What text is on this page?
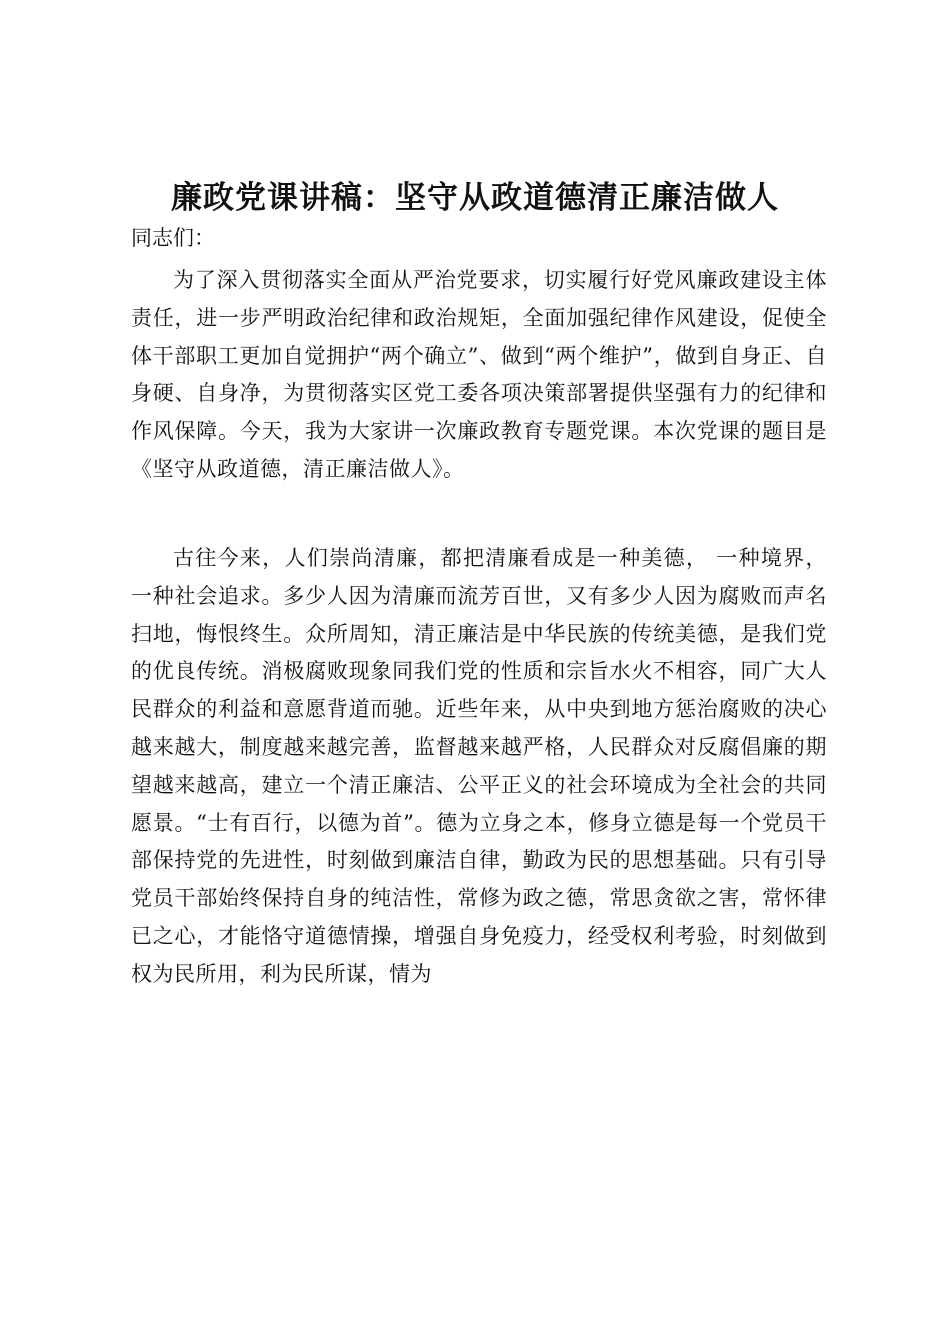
廉政党课讲稿：坚守从政道德清正廉洁做人

同志们：

为了深入贯彻落实全面从严治党要求，切实履行好党风廉政建设主体责任，进一步严明政治纪律和政治规矩，全面加强纪律作风建设，促使全体干部职工更加自觉拥护“两个确立”、做到“两个维护”，做到自身正、自身硬、自身净，为贯彻落实区党工委各项决策部署提供坚强有力的纪律和作风保障。今天，我为大家讲一次廉政教育专题党课。本次党课的题目是《坚守从政道德，清正廉洁做人》。

古往今来，人们崇尚清廉，都把清廉看成是一种美德， 一种境界， 一种社会追求。多少人因为清廉而流芳百世，又有多少人因为腐败而声名扫地，悔恨终生。众所周知，清正廉洁是中华民族的传统美德，是我们党的优良传统。消极腐败现象同我们党的性质和宗旨水火不相容，同广大人民群众的利益和意愿背道而驰。近些年来，从中央到地方惩治腐败的决心越来越大，制度越来越完善，监督越来越严格，人民群众对反腐倡廉的期望越来越高，建立一个清正廉洁、公平正义的社会环境成为全社会的共同愿景。“士有百行，以德为首”。德为立身之本，修身立德是每一个党员干部保持党的先进性，时刻做到廉洁自律，勤政为民的思想基础。只有引导党员干部始终保持自身的纯洁性，常修为政之德，常思贪欲之害，常怀律已之心，才能恪守道德情操，增强自身免疫力，经受权利考验，时刻做到权为民所用，利为民所谋，情为
